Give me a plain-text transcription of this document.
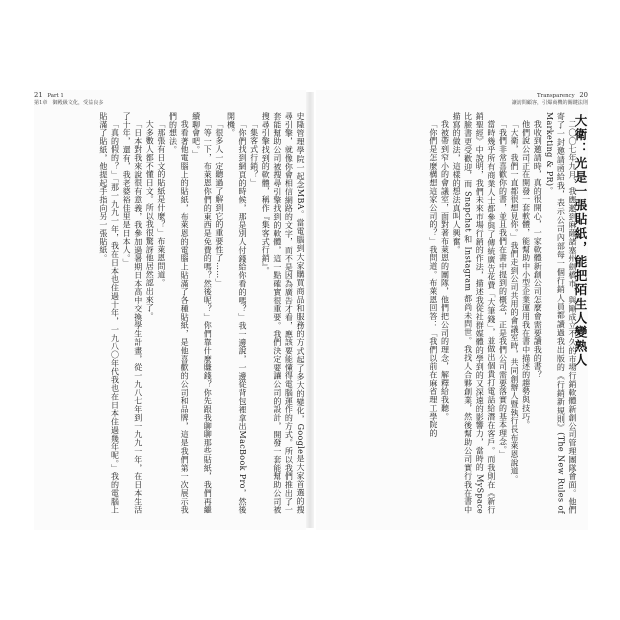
21 Part 1
第1章　御殿級文化，受益良多

史隆管理學院一起念MBA。當電腦到大家購買商品和服務的方式起了多大的變化，Google是大家首選的搜尋引擎，就像你會相信網路的文字，而不是因為廣告才看，應該要能懂得電腦運作的方式。所以我們推出了一套能幫助公司被搜尋引擎找到的軟體，這一點確實很重要。我們決定要讓公司的設計，開發一套能幫助公司被搜尋引擎找到的軟體，稱作『集客式行銷』。

「集客式行銷？」

「你們找到網頁的時候，那是別人付錢給你看的嗎？」我一邊說，一邊從背包裡拿出MacBook Pro，然後開機。

「很多人一定聽過了解到它的重要性了……」

「等一下，布萊恩你們的東西是免費的嗎？然後呢？」你們靠什麼賺錢？你先跟我聊聊那些貼紙，我們再繼續聊會吧。」

我看著他電腦上的貼紙，布萊恩的電腦上貼滿了各種貼紙，是他喜歡的公司和品牌，這是我們第一次展示我們的想法。

「那張有日文的貼紙是什麼？」布萊恩問道。

大多數人都不懂日文。所以我很驚訝他居然認出來了。

「日本對我來說很有意義，我參加過暑期日本高中交換學生計畫，從一九八七年到一九九一年，在日本生活了十年，還有，我老婆裕佳里是日本人。」

「真的假的？」「那一九九一年，我在日本也住過十年，一九八〇年代我也在日本住過幾年呢。」我的電腦上貼滿了貼紙，他提起手指向另一張貼紙。

Transparency 20
讓訪問顧客，引爆商機的關鍵法則
大衛：光是一張貼紙，能把陌生人變熟人

二〇〇七年九月，我應邀到麻薩諸塞州劍橋市，與剛成立不久的市場行銷軟體新創公司管理團隊會面。他們寄了一封邀請函給我，表示公司內部每一個行銷人員都讀過我出版的《行銷新規則》(The New Rules of Marketing & PR)。

我收到邀請時，真的很開心，一家軟體新創公司怎麼會需要讀我的書？

他們說公司正在開發一套軟體，能幫助中小型企業運用我在書中描述的趨勢與技巧。

「大衛，我們一直都很想見你。」我們走到公司共用的會議室時，共同創辦人暨執行長布萊恩說道。

「我們非常喜歡你的書，並且我們在書中提到的概念，正是我們公司需要落實的基本理念。」

當時幾乎所有商業人士都參與了傳統廣告花費「大筆錢」，並做出個貴打電話給潛在客戶。而我則在《新行銷聖經》中說明，我們未來市場行銷的作法，描述我從社群媒體的學到的又深遠的影響力，當時的 MySpace 比臉書更受歡迎，而 Snapchat 和 Instagram 都尚未問世。我找人合夥創業，然後幫助公司實行我在書中描寫的做法，這樣的想法真叫人興奮。

我被帶到窄小的會議室，面對著布萊恩的團隊，他們把公司的理念，解釋給我聽。

「你們是怎麼構想這家公司的？」我問道。布萊恩回答：「我們以前在麻省理工學院的
